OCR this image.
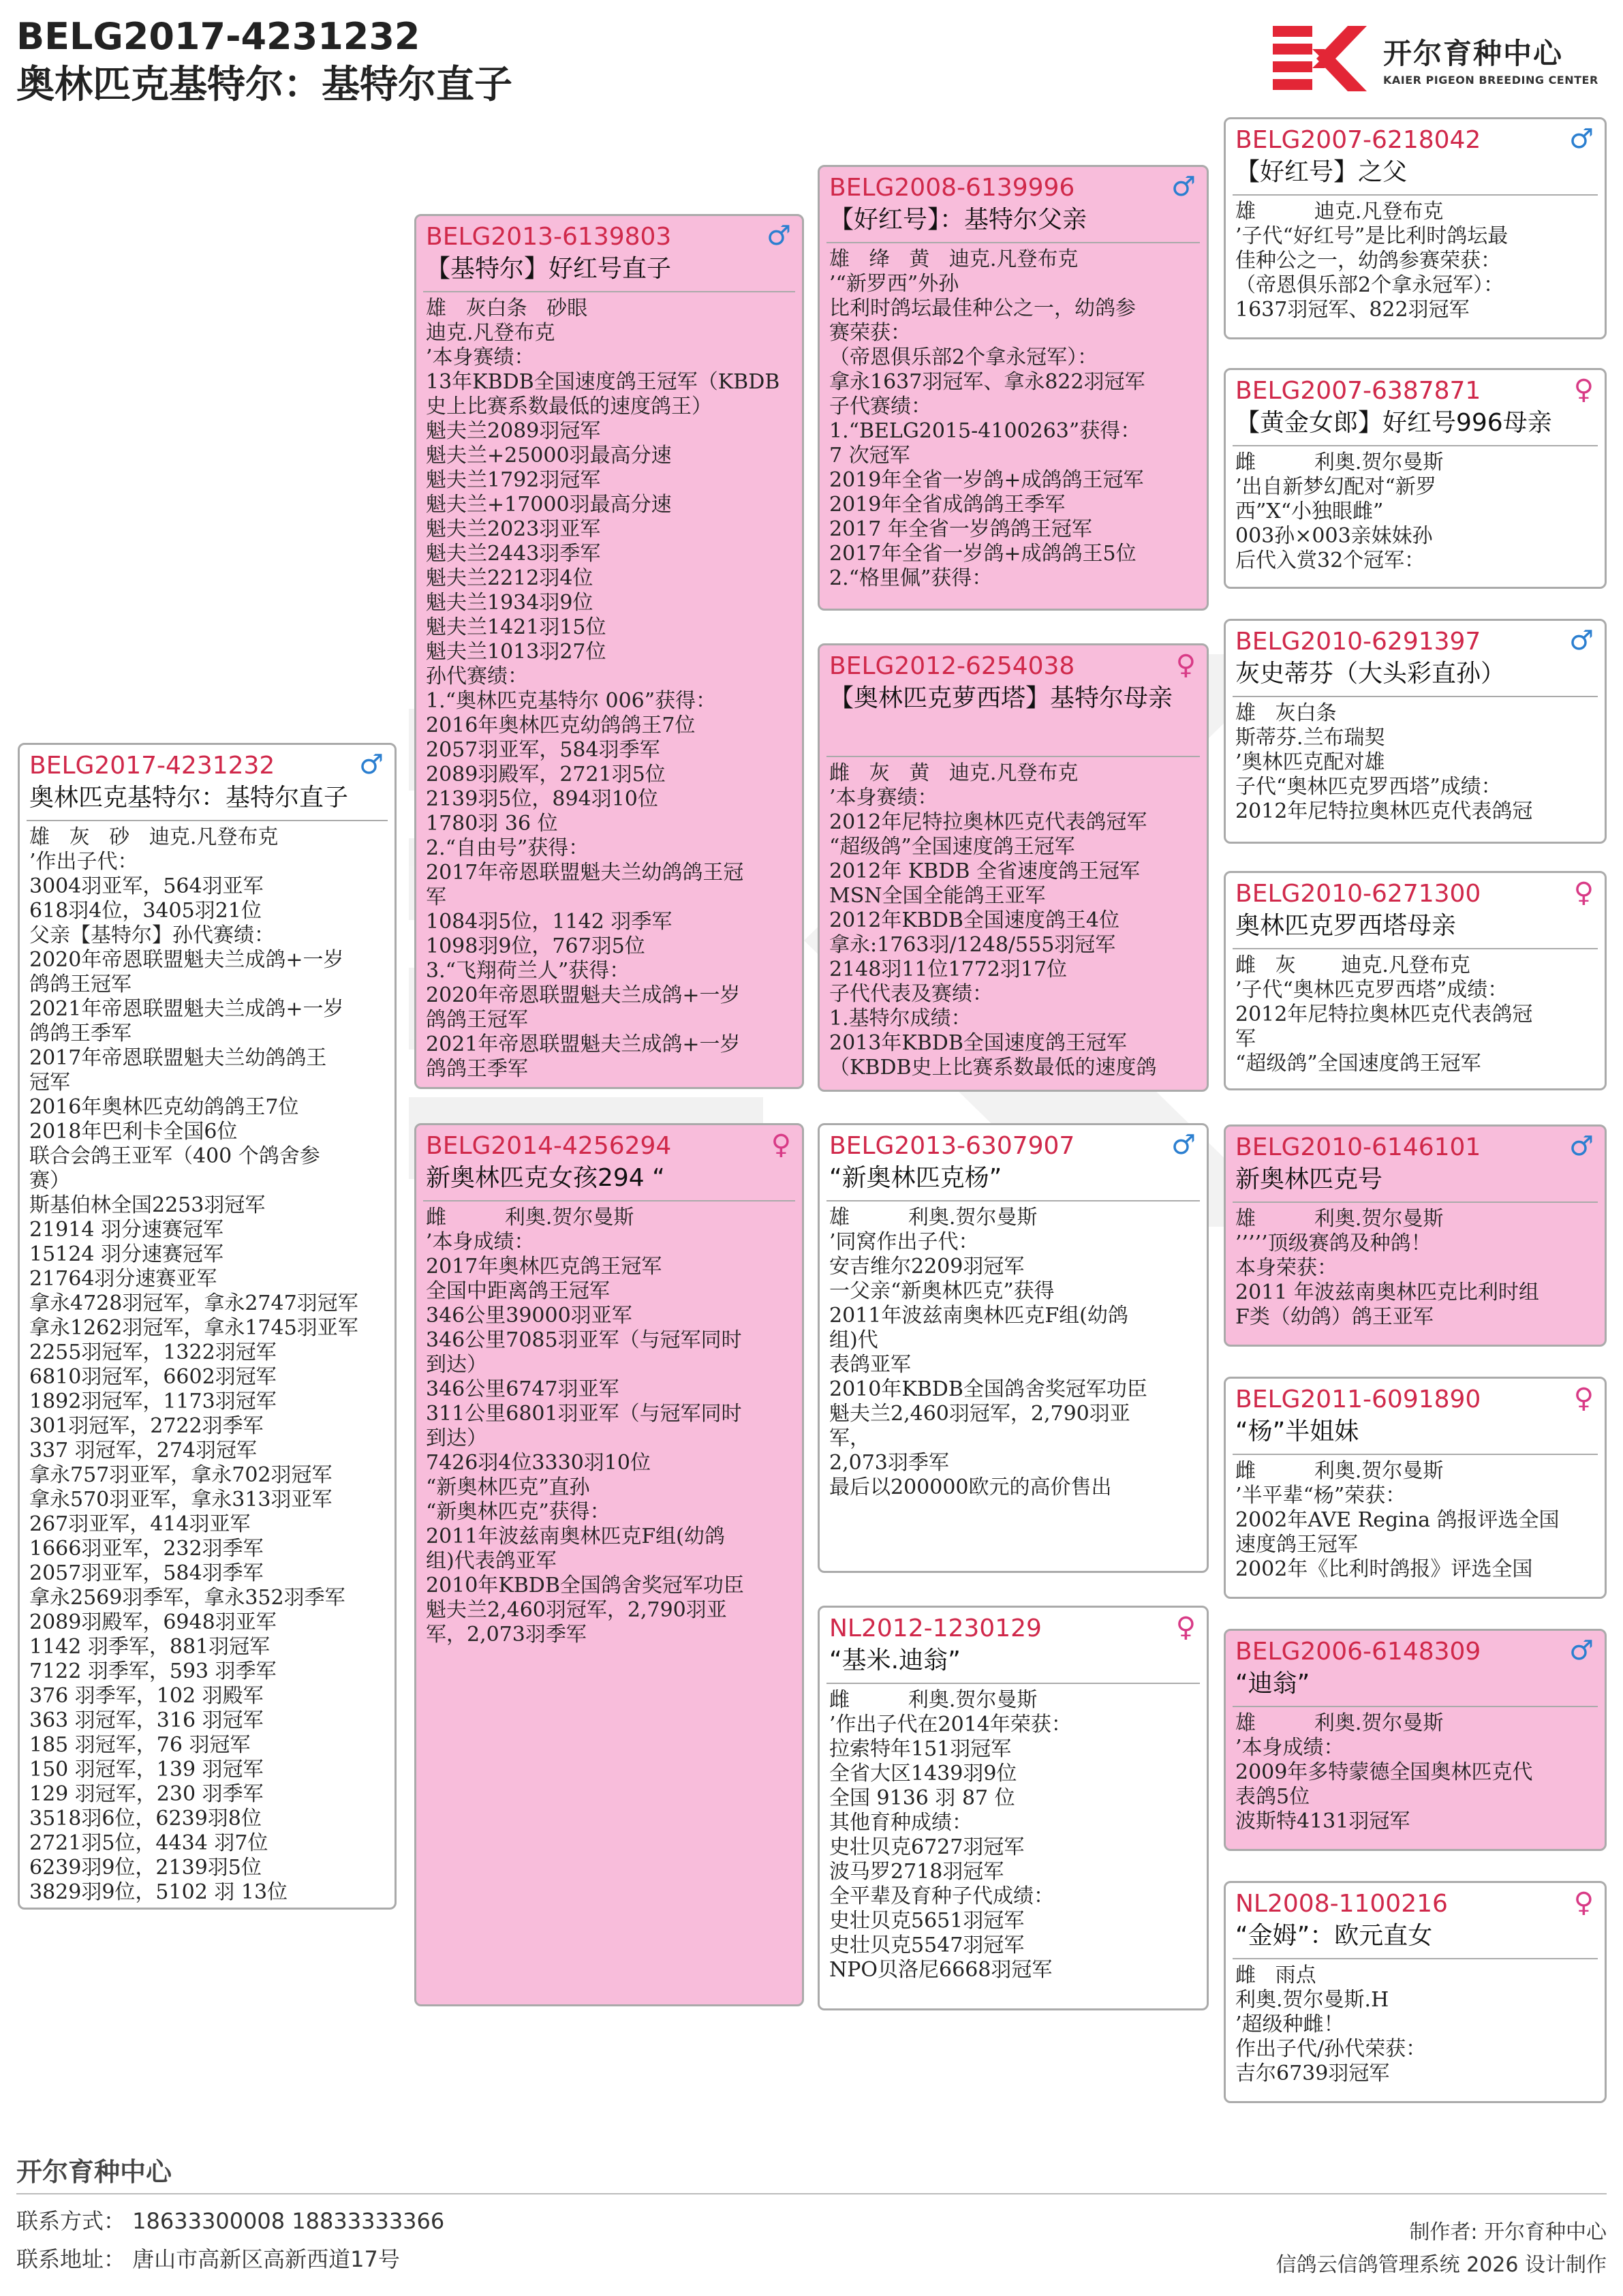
BELG2017-4231232
奥林匹克基特尔：基特尔直子
开尔育种中心
KAIER PIGEON BREEDING CENTER
BELG2017-4231232	♂
奥林匹克基特尔：基特尔直子
雄   灰   砂   迪克.凡登布克
’作出子代：
3004羽亚军，564羽亚军
618羽4位，3405羽21位
父亲【基特尔】孙代赛绩：
2020年帝恩联盟魁夫兰成鸽+一岁
鸽鸽王冠军
2021年帝恩联盟魁夫兰成鸽+一岁
鸽鸽王季军
2017年帝恩联盟魁夫兰幼鸽鸽王
冠军
2016年奥林匹克幼鸽鸽王7位
2018年巴利卡全国6位
联合会鸽王亚军（400 个鸽舍参
赛）
斯基伯林全国2253羽冠军
21914 羽分速赛冠军
15124 羽分速赛冠军
21764羽分速赛亚军
拿永4728羽冠军，拿永2747羽冠军
拿永1262羽冠军，拿永1745羽亚军
2255羽冠军，1322羽冠军
6810羽冠军，6602羽冠军
1892羽冠军，1173羽冠军
301羽冠军，2722羽季军
337 羽冠军，274羽冠军
拿永757羽亚军，拿永702羽冠军
拿永570羽亚军，拿永313羽亚军
267羽亚军，414羽亚军
1666羽亚军，232羽季军
2057羽亚军，584羽季军
拿永2569羽季军，拿永352羽季军
2089羽殿军，6948羽亚军
1142 羽季军，881羽冠军
7122 羽季军，593 羽季军
376 羽季军，102 羽殿军
363 羽冠军，316 羽冠军
185 羽冠军，76 羽冠军
150 羽冠军，139 羽冠军
129 羽冠军，230 羽季军
3518羽6位，6239羽8位
2721羽5位，4434 羽7位
6239羽9位，2139羽5位
3829羽9位，5102 羽 13位
BELG2013-6139803	♂
【基特尔】好红号直子
雄   灰白条   砂眼
迪克.凡登布克
’本身赛绩：
13年KBDB全国速度鸽王冠军（KBDB
史上比赛系数最低的速度鸽王）
魁夫兰2089羽冠军
魁夫兰+25000羽最高分速
魁夫兰1792羽冠军
魁夫兰+17000羽最高分速
魁夫兰2023羽亚军
魁夫兰2443羽季军
魁夫兰2212羽4位
魁夫兰1934羽9位
魁夫兰1421羽15位
魁夫兰1013羽27位
孙代赛绩：
1.“奥林匹克基特尔 006”获得：
2016年奥林匹克幼鸽鸽王7位
2057羽亚军，584羽季军
2089羽殿军，2721羽5位
2139羽5位，894羽10位
1780羽 36 位
2.“自由号”获得：
2017年帝恩联盟魁夫兰幼鸽鸽王冠
军
1084羽5位，1142 羽季军
1098羽9位，767羽5位
3.“飞翔荷兰人”获得：
2020年帝恩联盟魁夫兰成鸽+一岁
鸽鸽王冠军
2021年帝恩联盟魁夫兰成鸽+一岁
鸽鸽王季军
BELG2014-4256294	♀
新奥林匹克女孩294 “
雌         利奥.贺尔曼斯
’本身成绩：
2017年奥林匹克鸽王冠军
全国中距离鸽王冠军
346公里39000羽亚军
346公里7085羽亚军（与冠军同时
到达）
346公里6747羽亚军
311公里6801羽亚军（与冠军同时
到达）
7426羽4位3330羽10位
“新奥林匹克”直孙
“新奥林匹克”获得：
2011年波兹南奥林匹克F组(幼鸽
组)代表鸽亚军
2010年KBDB全国鸽舍奖冠军功臣
魁夫兰2,460羽冠军，2,790羽亚
军，2,073羽季军
BELG2008-6139996	♂
【好红号】：基特尔父亲
雄   绛   黄   迪克.凡登布克
’“新罗西”外孙
比利时鸽坛最佳种公之一，幼鸽参
赛荣获：
（帝恩俱乐部2个拿永冠军）：
拿永1637羽冠军、拿永822羽冠军
子代赛绩：
1.“BELG2015-4100263”获得：
7 次冠军
2019年全省一岁鸽+成鸽鸽王冠军
2019年全省成鸽鸽王季军
2017 年全省一岁鸽鸽王冠军
2017年全省一岁鸽+成鸽鸽王5位
2.“格里佩”获得：
BELG2012-6254038	♀
【奥林匹克萝西塔】基特尔母亲
雌   灰   黄   迪克.凡登布克
’本身赛绩：
2012年尼特拉奥林匹克代表鸽冠军
“超级鸽”全国速度鸽王冠军
2012年 KBDB 全省速度鸽王冠军
MSN全国全能鸽王亚军
2012年KBDB全国速度鸽王4位
拿永:1763羽/1248/555羽冠军
2148羽11位1772羽17位
子代代表及赛绩：
1.基特尔成绩：
2013年KBDB全国速度鸽王冠军
（KBDB史上比赛系数最低的速度鸽
BELG2013-6307907	♂
“新奥林匹克杨”
雄         利奥.贺尔曼斯
’同窝作出子代：
安吉维尔2209羽冠军
一父亲“新奥林匹克”获得
2011年波兹南奥林匹克F组(幼鸽
组)代
表鸽亚军
2010年KBDB全国鸽舍奖冠军功臣
魁夫兰2,460羽冠军，2,790羽亚
军，
2,073羽季军
最后以200000欧元的高价售出
NL2012-1230129	♀
“基米.迪翁”
雌         利奥.贺尔曼斯
’作出子代在2014年荣获：
拉索特年151羽冠军
全省大区1439羽9位
全国 9136 羽 87 位
其他育种成绩：
史壮贝克6727羽冠军
波马罗2718羽冠军
全平辈及育种子代成绩：
史壮贝克5651羽冠军
史壮贝克5547羽冠军
NPO贝洛尼6668羽冠军
BELG2007-6218042	♂
【好红号】之父
雄         迪克.凡登布克
’子代“好红号”是比利时鸽坛最
佳种公之一，幼鸽参赛荣获：
（帝恩俱乐部2个拿永冠军）：
1637羽冠军、822羽冠军
BELG2007-6387871	♀
【黄金女郎】好红号996母亲
雌         利奥.贺尔曼斯
’出自新梦幻配对“新罗
西”X“小独眼雌”
003孙×003亲妹妹孙
后代入赏32个冠军：
BELG2010-6291397	♂
灰史蒂芬（大头彩直孙）
雄   灰白条
斯蒂芬.兰布瑞契
’奥林匹克配对雄
子代“奥林匹克罗西塔”成绩：
2012年尼特拉奥林匹克代表鸽冠
BELG2010-6271300	♀
奥林匹克罗西塔母亲
雌   灰       迪克.凡登布克
’子代“奥林匹克罗西塔”成绩：
2012年尼特拉奥林匹克代表鸽冠
军
“超级鸽”全国速度鸽王冠军
BELG2010-6146101	♂
新奥林匹克号
雄         利奥.贺尔曼斯
’’’’’顶级赛鸽及种鸽！
本身荣获：
2011 年波兹南奥林匹克比利时组
F类（幼鸽）鸽王亚军
BELG2011-6091890	♀
“杨”半姐妹
雌         利奥.贺尔曼斯
’半平辈“杨”荣获：
2002年AVE Regina 鸽报评选全国
速度鸽王冠军
2002年《比利时鸽报》评选全国
BELG2006-6148309	♂
“迪翁”
雄         利奥.贺尔曼斯
’本身成绩：
2009年多特蒙德全国奥林匹克代
表鸽5位
波斯特4131羽冠军
NL2008-1100216	♀
“金姆”：欧元直女
雌   雨点
利奥.贺尔曼斯.H
’超级种雌！
作出子代/孙代荣获：
吉尔6739羽冠军
开尔育种中心
联系方式： 18633300008 18833333366
联系地址： 唐山市高新区高新西道17号
制作者: 开尔育种中心
信鸽云信鸽管理系统 2026 设计制作
